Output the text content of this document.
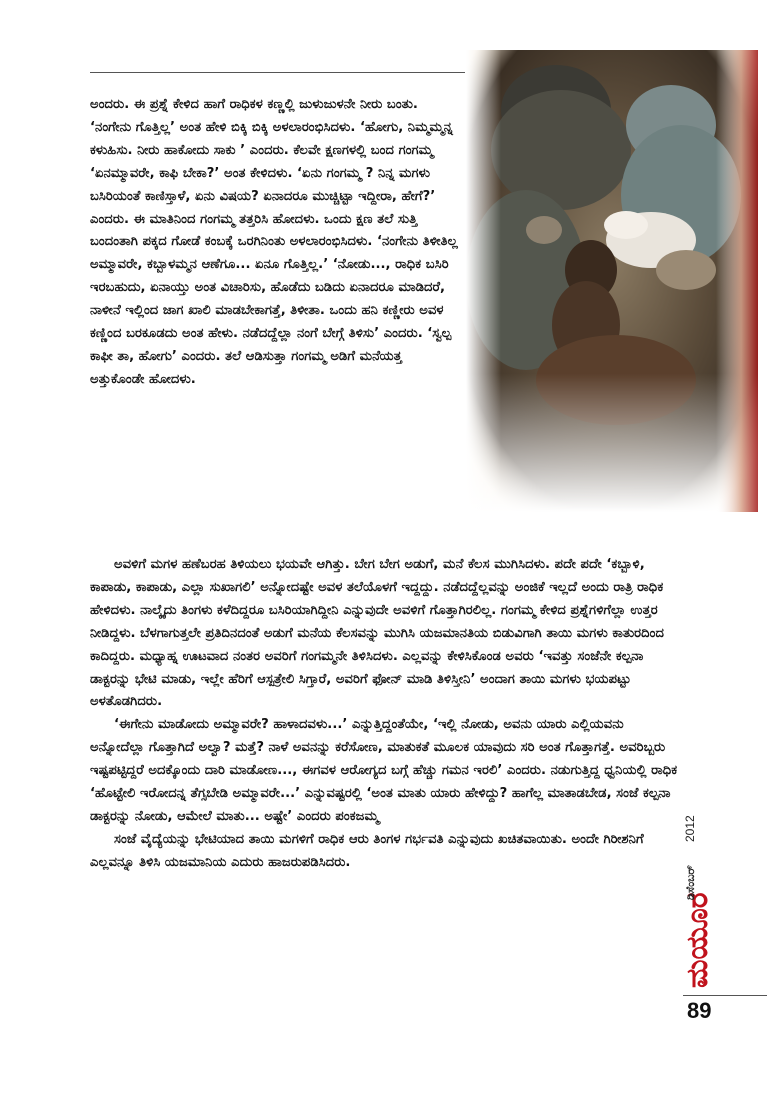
ಅಂದರು. ಈ ಪ್ರಶ್ನೆ ಕೇಳಿದ ಹಾಗೆ ರಾಧಿಕಳ ಕಣ್ಣಲ್ಲಿ ಜುಳುಜುಳನೇ ನೀರು ಬಂತು. ‘ನಂಗೇನು ಗೊತ್ತಿಲ್ಲ’ ಅಂತ ಹೇಳಿ ಬಿಕ್ಕಿ ಬಿಕ್ಕಿ ಅಳಲಾರಂಭಿಸಿದಳು. ‘ಹೋಗು, ನಿಮ್ಮಮ್ಮನ್ನ ಕಳುಹಿಸು. ನೀರು ಹಾಕೋದು ಸಾಕು ’ ಎಂದರು. ಕೆಲವೇ ಕ್ಷಣಗಳಲ್ಲಿ ಬಂದ ಗಂಗಮ್ಮ ‘ಏನಮ್ಮಾವರೇ, ಕಾಫಿ ಬೇಕಾ?’ ಅಂತ ಕೇಳಿದಳು. ‘ಏನು ಗಂಗಮ್ಮ ? ನಿನ್ನ ಮಗಳು ಬಸಿರಿಯಂತೆ ಕಾಣಿಸ್ತಾಳೆ, ಏನು ವಿಷಯ? ಏನಾದರೂ ಮುಚ್ಚಿಟ್ಟಾ ಇದ್ದೀರಾ, ಹೇಗೆ?’ ಎಂದರು. ಈ ಮಾತಿನಿಂದ ಗಂಗಮ್ಮ ತತ್ತರಿಸಿ ಹೋದಳು. ಒಂದು ಕ್ಷಣ ತಲೆ ಸುತ್ತಿ ಬಂದಂತಾಗಿ ಪಕ್ಕದ ಗೋಡೆ ಕಂಬಕ್ಕೆ ಒರಗಿನಿಂತು ಅಳಲಾರಂಭಿಸಿದಳು. ‘ನಂಗೇನು ತಿಳೀತಿಲ್ಲ ಅಮ್ಮಾವರೇ, ಕಬ್ಬಾಳಮ್ಮನ ಆಣೆಗೂ... ಏನೂ ಗೊತ್ತಿಲ್ಲ.’ ‘ನೋಡು..., ರಾಧಿಕ ಬಸಿರಿ ಇರಬಹುದು, ಏನಾಯ್ತು ಅಂತ ವಿಚಾರಿಸು, ಹೊಡೆದು ಬಡಿದು ಏನಾದರೂ ಮಾಡಿದರೆ, ನಾಳೀನೆ ಇಲ್ಲಿಂದ ಜಾಗ ಖಾಲಿ ಮಾಡಬೇಕಾಗತ್ತೆ, ತಿಳೀತಾ. ಒಂದು ಹನಿ ಕಣ್ಣೀರು ಅವಳ ಕಣ್ಣಿಂದ ಬರಕೂಡದು ಅಂತ ಹೇಳು. ನಡೆದದ್ದೆಲ್ಲಾ ನಂಗೆ ಬೇಗ್ಗೆ ತಿಳಿಸು’ ಎಂದರು. ‘ಸ್ವಲ್ಪ ಕಾಫೀ ತಾ, ಹೋಗು’ ಎಂದರು. ತಲೆ ಆಡಿಸುತ್ತಾ ಗಂಗಮ್ಮ ಅಡಿಗೆ ಮನೆಯತ್ತ ಅತ್ತುಕೊಂಡೇ ಹೋದಳು.

ಅವಳಿಗೆ ಮಗಳ ಹಣೆಬರಹ ತಿಳಿಯಲು ಭಯವೇ ಆಗಿತ್ತು. ಬೇಗ ಬೇಗ ಅಡುಗೆ, ಮನೆ ಕೆಲಸ ಮುಗಿಸಿದಳು. ಪದೇ ಪದೇ ‘ಕಬ್ಬಾಳಿ, ಕಾಪಾಡು, ಕಾಪಾಡು, ಎಲ್ಲಾ ಸುಖಾಗಲಿ’ ಅನ್ನೋದಷ್ಟೇ ಅವಳ ತಲೆಯೊಳಗೆ ಇದ್ದದ್ದು. ನಡೆದದ್ದೆಲ್ಲವನ್ನು ಅಂಜಿಕೆ ಇಲ್ಲದೆ ಅಂದು ರಾತ್ರಿ ರಾಧಿಕ ಹೇಳಿದಳು. ನಾಲ್ಕೈದು ತಿಂಗಳು ಕಳೆದಿದ್ದರೂ ಬಸಿರಿಯಾಗಿದ್ದೀನಿ ಎನ್ನುವುದೇ ಅವಳಿಗೆ ಗೊತ್ತಾಗಿರಲಿಲ್ಲ. ಗಂಗಮ್ಮ ಕೇಳಿದ ಪ್ರಶ್ನೆಗಳಿಗೆಲ್ಲಾ ಉತ್ತರ ನೀಡಿದ್ದಳು. ಬೆಳಗಾಗುತ್ತಲೇ ಪ್ರತಿದಿನದಂತೆ ಅಡುಗೆ ಮನೆಯ ಕೆಲಸವನ್ನು ಮುಗಿಸಿ ಯಜಮಾನತಿಯ ಬಿಡುವಿಗಾಗಿ ತಾಯಿ ಮಗಳು ಕಾತುರದಿಂದ ಕಾದಿದ್ದರು. ಮಧ್ಯಾಹ್ನ ಊಟವಾದ ನಂತರ ಅವರಿಗೆ ಗಂಗಮ್ಮನೇ ತಿಳಿಸಿದಳು. ಎಲ್ಲವನ್ನು ಕೇಳಿಸಿಕೊಂಡ ಅವರು ‘ಇವತ್ತು ಸಂಜೆನೇ ಕಲ್ಪನಾ ಡಾಕ್ಟರನ್ನು ಭೇಟಿ ಮಾಡು, ಇಲ್ಲೇ ಹೆರಿಗೆ ಆಸ್ಪತ್ರೇಲಿ ಸಿಗ್ತಾರೆ, ಅವರಿಗೆ ಫೋನ್ ಮಾಡಿ ತಿಳಿಸ್ತೀನಿ’ ಅಂದಾಗ ತಾಯಿ ಮಗಳು ಭಯಪಟ್ಟು ಅಳತೊಡಗಿದರು.

‘ಈಗೇನು ಮಾಡೋದು ಅಮ್ಮಾವರೇ? ಹಾಳಾದವಳು...’ ಎನ್ನುತ್ತಿದ್ದಂತೆಯೇ, ‘ಇಲ್ಲಿ ನೋಡು, ಅವನು ಯಾರು ಎಲ್ಲಿಯವನು ಅನ್ನೋದೆಲ್ಲಾ ಗೊತ್ತಾಗಿದೆ ಅಲ್ವಾ? ಮತ್ತೆ? ನಾಳೆ ಅವನನ್ನು ಕರೆಸೋಣ, ಮಾತುಕತೆ ಮೂಲಕ ಯಾವುದು ಸರಿ ಅಂತ ಗೊತ್ತಾಗತ್ತೆ. ಅವರಿಬ್ಬರು ಇಷ್ಟಪಟ್ಟಿದ್ದರೆ ಅದಕ್ಕೊಂದು ದಾರಿ ಮಾಡೋಣ..., ಈಗವಳ ಆರೋಗ್ಯದ ಬಗ್ಗೆ ಹೆಚ್ಚು ಗಮನ ಇರಲಿ’ ಎಂದರು. ನಡುಗುತ್ತಿದ್ದ ಧ್ವನಿಯಲ್ಲಿ ರಾಧಿಕ ‘ಹೊಟ್ಟೇಲಿ ಇರೋದನ್ನ ತೆಗ್ಸಬೇಡಿ ಅಮ್ಮಾವರೇ...’ ಎನ್ನುವಷ್ಟರಲ್ಲಿ ‘ಅಂತ ಮಾತು ಯಾರು ಹೇಳಿದ್ದು? ಹಾಗೆಲ್ಲ ಮಾತಾಡಬೇಡ, ಸಂಜೆ ಕಲ್ಪನಾ ಡಾಕ್ಟರನ್ನು ನೋಡು, ಆಮೇಲೆ ಮಾತು... ಅಷ್ಟೇ’ ಎಂದರು ಪಂಕಜಮ್ಮ

ಸಂಜೆ ವೈದ್ಯೆಯನ್ನು ಭೇಟಿಯಾದ ತಾಯಿ ಮಗಳಿಗೆ ರಾಧಿಕ ಆರು ತಿಂಗಳ ಗರ್ಭವತಿ ಎನ್ನುವುದು ಖಚಿತವಾಯಿತು. ಅಂದೇ ಗಿರೀಶನಿಗೆ ಎಲ್ಲವನ್ನೂ ತಿಳಿಸಿ ಯಜಮಾನಿಯ ಎದುರು ಹಾಜರುಪಡಿಸಿದರು.

ಮಯೂರ
ಡಿಸೆಂಬರ್
2012
89
